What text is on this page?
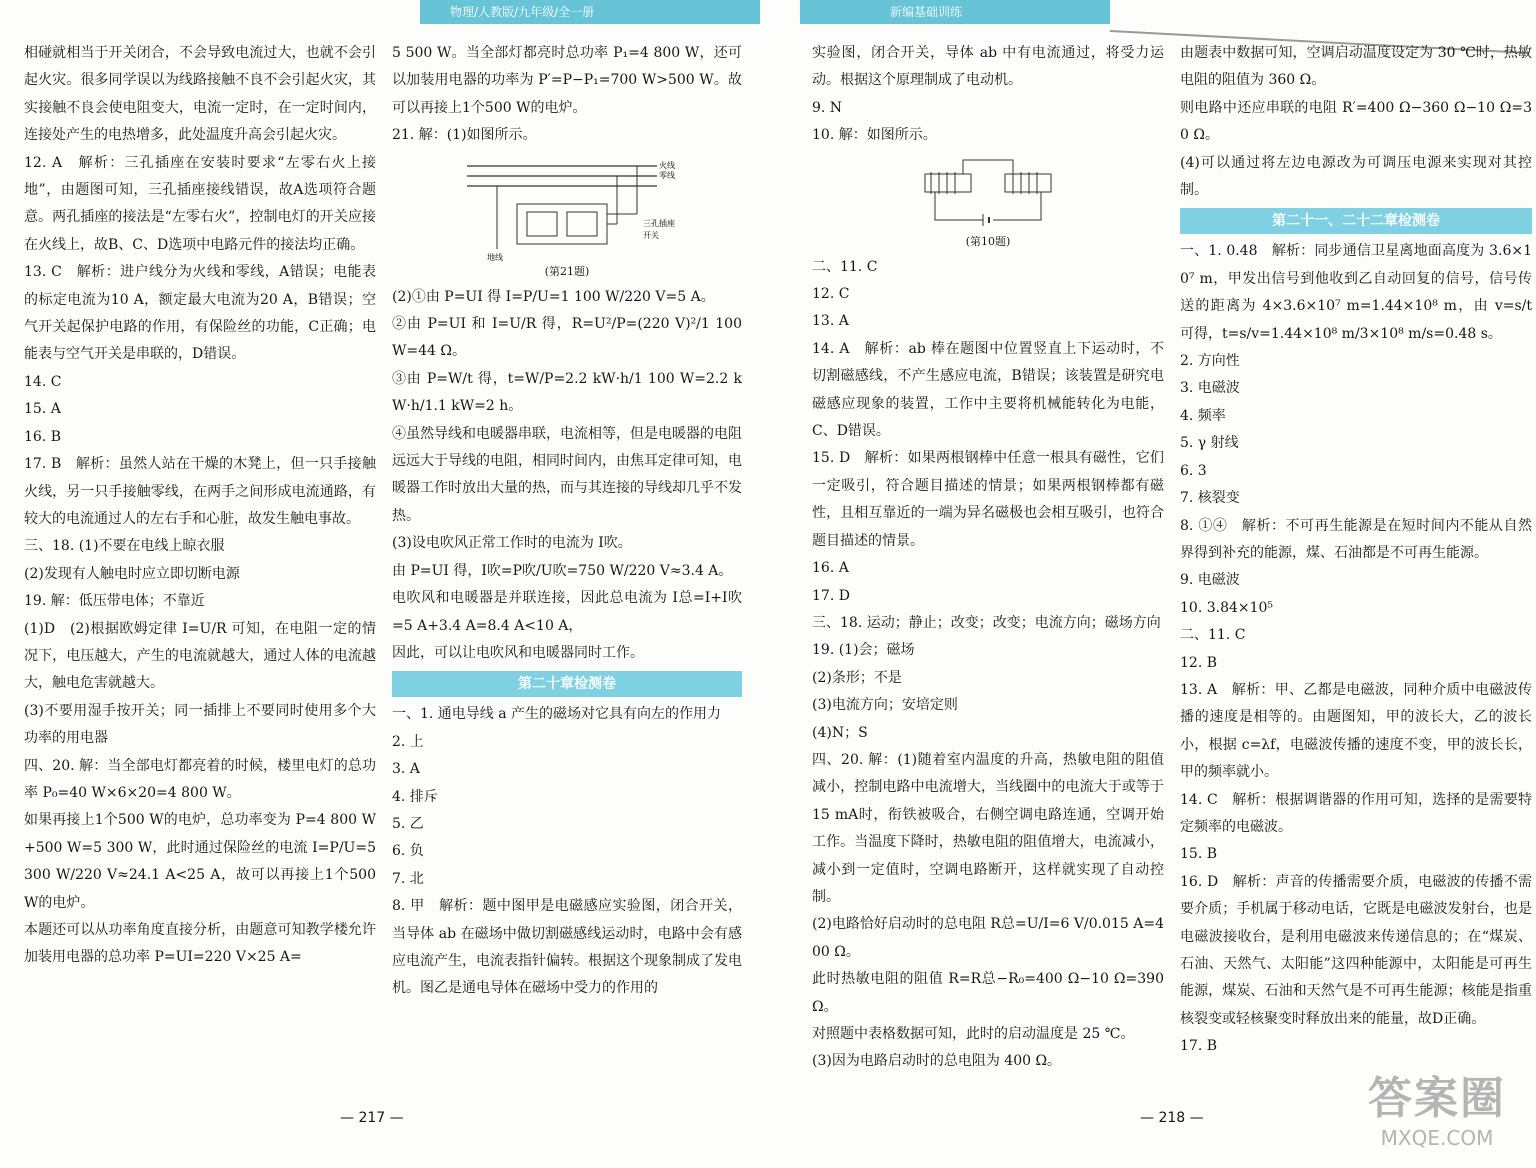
物理/人教版/九年级/全一册	新编基础训练

相碰就相当于开关闭合，不会导致电流过大，也就不会引起火灾。很多同学误以为线路接触不良不会引起火灾，其实接触不良会使电阻变大，电流一定时，在一定时间内，连接处产生的电热增多，此处温度升高会引起火灾。

12. A　解析：三孔插座在安装时要求“左零右火上接地”，由题图可知，三孔插座接线错误，故A选项符合题意。两孔插座的接法是“左零右火”，控制电灯的开关应接在火线上，故B、C、D选项中电路元件的接法均正确。

13. C　解析：进户线分为火线和零线，A错误；电能表的标定电流为10 A，额定最大电流为20 A，B错误；空气开关起保护电路的作用，有保险丝的功能，C正确；电能表与空气开关是串联的，D错误。

14. C

15. A

16. B

17. B　解析：虽然人站在干燥的木凳上，但一只手接触火线，另一只手接触零线，在两手之间形成电流通路，有较大的电流通过人的左右手和心脏，故发生触电事故。

三、18. (1)不要在电线上晾衣服

(2)发现有人触电时应立即切断电源

19. 解：低压带电体；不靠近

(1)D　(2)根据欧姆定律 I=U/R 可知，在电阻一定的情况下，电压越大，产生的电流就越大，通过人体的电流越大，触电危害就越大。

(3)不要用湿手按开关；同一插排上不要同时使用多个大功率的用电器

四、20. 解：当全部电灯都亮着的时候，楼里电灯的总功率 P₀=40 W×6×20=4 800 W。

如果再接上1个500 W的电炉，总功率变为 P=4 800 W+500 W=5 300 W，此时通过保险丝的电流 I=P/U=5 300 W/220 V≈24.1 A<25 A，故可以再接上1个500 W的电炉。

本题还可以从功率角度直接分析，由题意可知教学楼允许加装用电器的总功率 P=UI=220 V×25 A=

5 500 W。当全部灯都亮时总功率 P₁=4 800 W，还可以加装用电器的功率为 P′=P−P₁=700 W>500 W。故可以再接上1个500 W的电炉。

21. 解：(1)如图所示。

火线
零线
三孔插座
开关
地线
(第21题)

(2)①由 P=UI 得 I=P/U=1 100 W/220 V=5 A。

②由 P=UI 和 I=U/R 得，R=U²/P=(220 V)²/1 100 W=44 Ω。

③由 P=W/t 得，t=W/P=2.2 kW·h/1 100 W=2.2 kW·h/1.1 kW=2 h。

④虽然导线和电暖器串联，电流相等，但是电暖器的电阻远远大于导线的电阻，相同时间内，由焦耳定律可知，电暖器工作时放出大量的热，而与其连接的导线却几乎不发热。

(3)设电吹风正常工作时的电流为 I吹。

由 P=UI 得，I吹=P吹/U吹=750 W/220 V≈3.4 A。

电吹风和电暖器是并联连接，因此总电流为 I总=I+I吹=5 A+3.4 A=8.4 A<10 A，

因此，可以让电吹风和电暖器同时工作。

第二十章检测卷

一、1. 通电导线 a 产生的磁场对它具有向左的作用力

2. 上

3. A

4. 排斥

5. 乙

6. 负

7. 北

8. 甲　解析：题中图甲是电磁感应实验图，闭合开关，当导体 ab 在磁场中做切割磁感线运动时，电路中会有感应电流产生，电流表指针偏转。根据这个现象制成了发电机。图乙是通电导体在磁场中受力的作用的

实验图，闭合开关，导体 ab 中有电流通过，将受力运动。根据这个原理制成了电动机。

9. N

10. 解：如图所示。

(第10题)

二、11. C

12. C

13. A

14. A　解析：ab 棒在题图中位置竖直上下运动时，不切割磁感线，不产生感应电流，B错误；该装置是研究电磁感应现象的装置，工作中主要将机械能转化为电能，C、D错误。

15. D　解析：如果两根钢棒中任意一根具有磁性，它们一定吸引，符合题目描述的情景；如果两根钢棒都有磁性，且相互靠近的一端为异名磁极也会相互吸引，也符合题目描述的情景。

16. A

17. D

三、18. 运动；静止；改变；改变；电流方向；磁场方向

19. (1)会；磁场

(2)条形；不是

(3)电流方向；安培定则

(4)N；S

四、20. 解：(1)随着室内温度的升高，热敏电阻的阻值减小，控制电路中电流增大，当线圈中的电流大于或等于15 mA时，衔铁被吸合，右侧空调电路连通，空调开始工作。当温度下降时，热敏电阻的阻值增大，电流减小，减小到一定值时，空调电路断开，这样就实现了自动控制。

(2)电路恰好启动时的总电阻 R总=U/I=6 V/0.015 A=400 Ω。

此时热敏电阻的阻值 R=R总−R₀=400 Ω−10 Ω=390 Ω。

对照题中表格数据可知，此时的启动温度是 25 ℃。

(3)因为电路启动时的总电阻为 400 Ω。

由题表中数据可知，空调启动温度设定为 30 ℃时，热敏电阻的阻值为 360 Ω。

则电路中还应串联的电阻 R′=400 Ω−360 Ω−10 Ω=30 Ω。

(4)可以通过将左边电源改为可调压电源来实现对其控制。

第二十一、二十二章检测卷

一、1. 0.48　解析：同步通信卫星离地面高度为 3.6×10⁷ m，甲发出信号到他收到乙自动回复的信号，信号传送的距离为 4×3.6×10⁷ m=1.44×10⁸ m，由 v=s/t 可得，t=s/v=1.44×10⁸ m/3×10⁸ m/s=0.48 s。

2. 方向性

3. 电磁波

4. 频率

5. γ 射线

6. 3

7. 核裂变

8. ①④　解析：不可再生能源是在短时间内不能从自然界得到补充的能源，煤、石油都是不可再生能源。

9. 电磁波

10. 3.84×10⁵

二、11. C

12. B

13. A　解析：甲、乙都是电磁波，同种介质中电磁波传播的速度是相等的。由题图知，甲的波长大，乙的波长小，根据 c=λf，电磁波传播的速度不变，甲的波长长，甲的频率就小。

14. C　解析：根据调谐器的作用可知，选择的是需要特定频率的电磁波。

15. B

16. D　解析：声音的传播需要介质，电磁波的传播不需要介质；手机属于移动电话，它既是电磁波发射台，也是电磁波接收台，是利用电磁波来传递信息的；在“煤炭、石油、天然气、太阳能”这四种能源中，太阳能是可再生能源，煤炭、石油和天然气是不可再生能源；核能是指重核裂变或轻核聚变时释放出来的能量，故D正确。

17. B

— 217 —	— 218 —	答案圈
MXQE.COM
